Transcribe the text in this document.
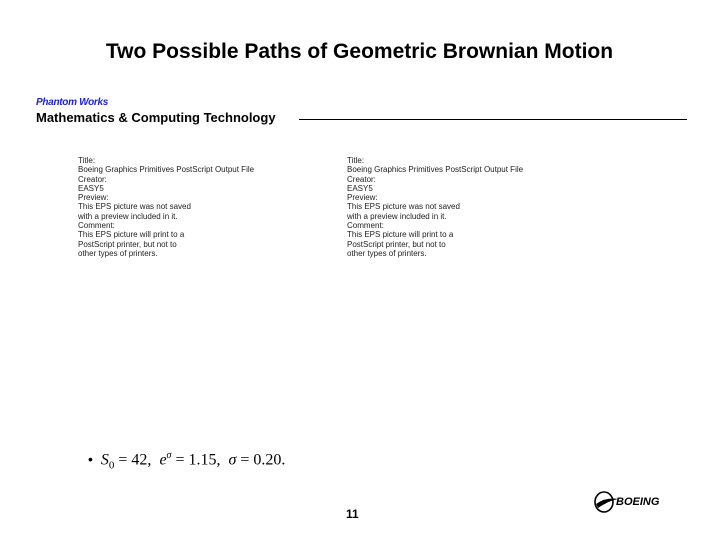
Two Possible Paths of Geometric Brownian Motion
Phantom Works
Mathematics & Computing Technology
Title:
Boeing Graphics Primitives PostScript Output File
Creator:
EASY5
Preview:
This EPS picture was not saved
with a preview included in it.
Comment:
This EPS picture will print to a
PostScript printer, but not to
other types of printers.
Title:
Boeing Graphics Primitives PostScript Output File
Creator:
EASY5
Preview:
This EPS picture was not saved
with a preview included in it.
Comment:
This EPS picture will print to a
PostScript printer, but not to
other types of printers.
• $S_0 = 42$, $e^\sigma = 1.15$, σ = 0.20.
11
BOEING
